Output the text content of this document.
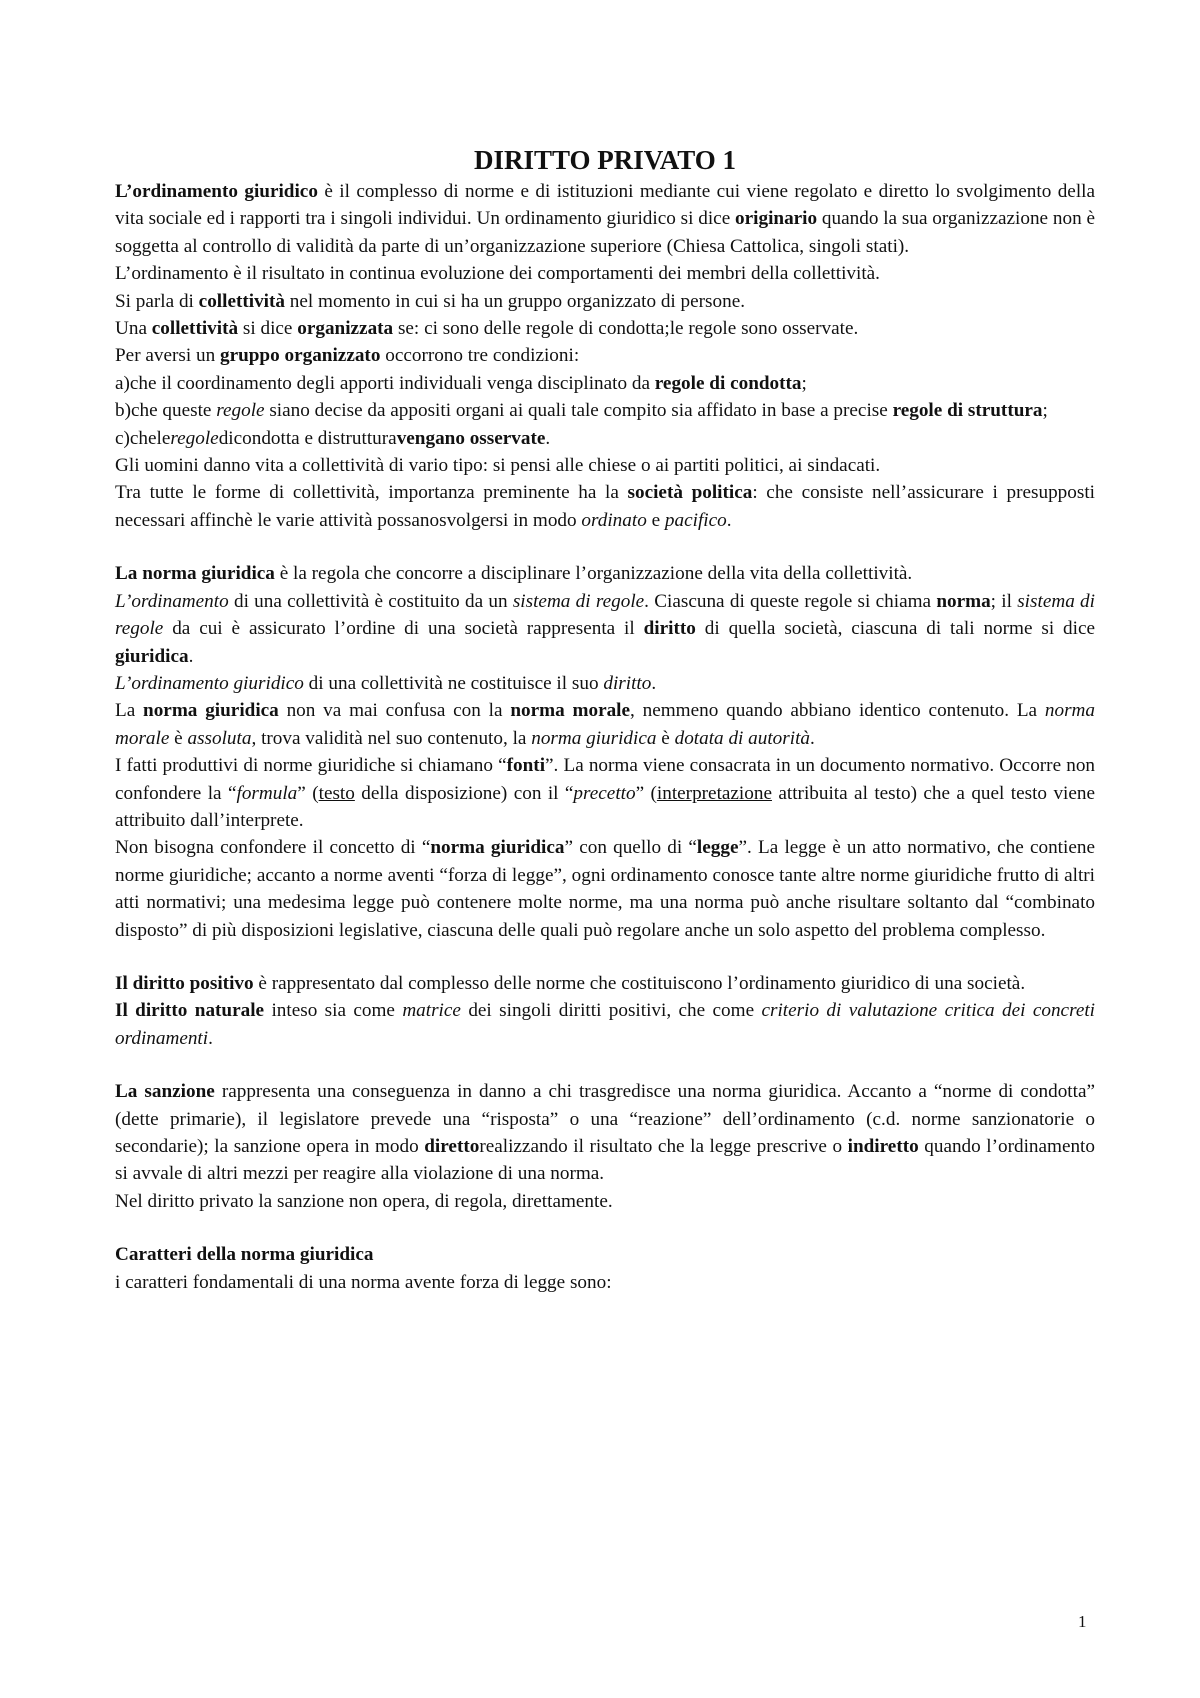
DIRITTO PRIVATO 1

L’ordinamento giuridico è il complesso di norme e di istituzioni mediante cui viene regolato e diretto lo svolgimento della vita sociale ed i rapporti tra i singoli individui. Un ordinamento giuridico si dice originario quando la sua organizzazione non è soggetta al controllo di validità da parte di un’organizzazione superiore (Chiesa Cattolica, singoli stati).

L’ordinamento è il risultato in continua evoluzione dei comportamenti dei membri della collettività.

Si parla di collettività nel momento in cui si ha un gruppo organizzato di persone.

Una collettività si dice organizzata se: ci sono delle regole di condotta;le regole sono osservate.

Per aversi un gruppo organizzato occorrono tre condizioni:

a)che il coordinamento degli apporti individuali venga disciplinato da regole di condotta;

b)che queste regole siano decise da appositi organi ai quali tale compito sia affidato in base a precise regole di struttura;

c)cheleregoledicondotta e distrutturavengano osservate.

Gli uomini danno vita a collettività di vario tipo: si pensi alle chiese o ai partiti politici, ai sindacati.

Tra tutte le forme di collettività, importanza preminente ha la società politica: che consiste nell’assicurare i presupposti necessari affinchè le varie attività possanosvolgersi in modo ordinato e pacifico.

La norma giuridica è la regola che concorre a disciplinare l’organizzazione della vita della collettività.

L’ordinamento di una collettività è costituito da un sistema di regole. Ciascuna di queste regole si chiama norma; il sistema di regole da cui è assicurato l’ordine di una società rappresenta il diritto di quella società, ciascuna di tali norme si dice giuridica.

L’ordinamento giuridico di una collettività ne costituisce il suo diritto.

La norma giuridica non va mai confusa con la norma morale, nemmeno quando abbiano identico contenuto. La norma morale è assoluta, trova validità nel suo contenuto, la norma giuridica è dotata di autorità.

I fatti produttivi di norme giuridiche si chiamano “fonti”. La norma viene consacrata in un documento normativo. Occorre non confondere la “formula” (testo della disposizione) con il “precetto” (interpretazione attribuita al testo) che a quel testo viene attribuito dall’interprete.

Non bisogna confondere il concetto di “norma giuridica” con quello di “legge”. La legge è un atto normativo, che contiene norme giuridiche; accanto a norme aventi “forza di legge”, ogni ordinamento conosce tante altre norme giuridiche frutto di altri atti normativi; una medesima legge può contenere molte norme, ma una norma può anche risultare soltanto dal “combinato disposto” di più disposizioni legislative, ciascuna delle quali può regolare anche un solo aspetto del problema complesso.

Il diritto positivo è rappresentato dal complesso delle norme che costituiscono l’ordinamento giuridico di una società.

Il diritto naturale inteso sia come matrice dei singoli diritti positivi, che come criterio di valutazione critica dei concreti ordinamenti.

La sanzione rappresenta una conseguenza in danno a chi trasgredisce una norma giuridica. Accanto a “norme di condotta” (dette primarie), il legislatore prevede una “risposta” o una “reazione” dell’ordinamento (c.d. norme sanzionatorie o secondarie); la sanzione opera in modo direttorealizzando il risultato che la legge prescrive o indiretto quando l’ordinamento si avvale di altri mezzi per reagire alla violazione di una norma.

Nel diritto privato la sanzione non opera, di regola, direttamente.

Caratteri della norma giuridica

i caratteri fondamentali di una norma avente forza di legge sono:

1
